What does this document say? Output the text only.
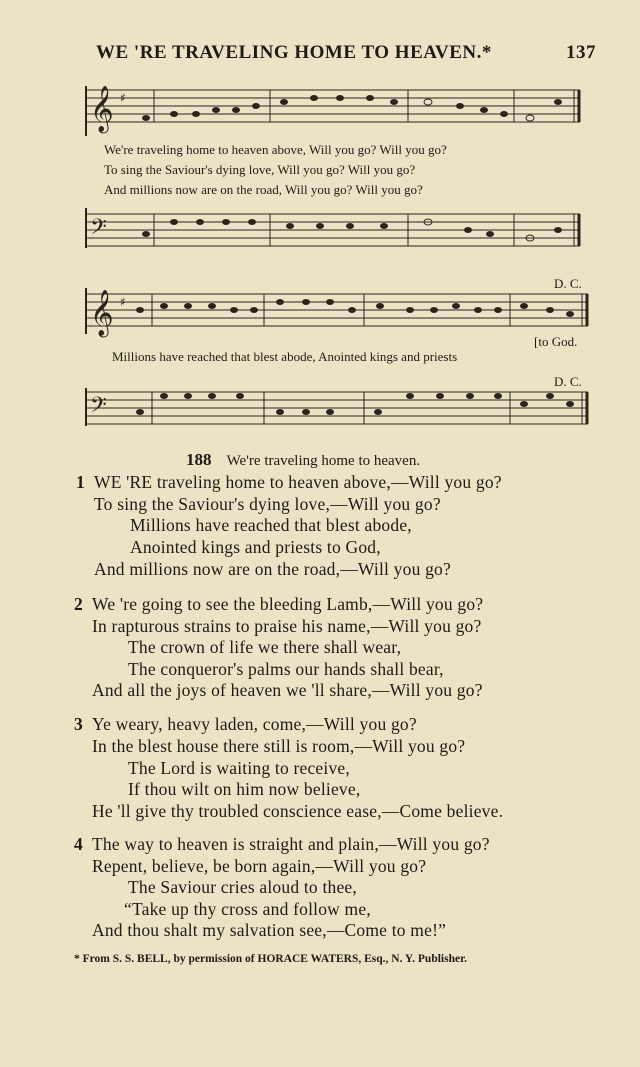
WE 'RE TRAVELING HOME TO HEAVEN.*	137
𝄞 ♯
We're traveling home to heaven above, Will you go? Will you go?
To sing the Saviour's dying love, Will you go? Will you go?
And millions now are on the road, Will you go? Will you go?
𝄢
D. C.
𝄞 ♯
[to God.
Millions have reached that blest abode, Anointed kings and priests
D. C.
𝄢
188 We're traveling home to heaven.
1 WE 'RE traveling home to heaven above,—Will you go?
To sing the Saviour's dying love,—Will you go?
Millions have reached that blest abode,
Anointed kings and priests to God,
And millions now are on the road,—Will you go?
2 We 're going to see the bleeding Lamb,—Will you go?
In rapturous strains to praise his name,—Will you go?
The crown of life we there shall wear,
The conqueror's palms our hands shall bear,
And all the joys of heaven we 'll share,—Will you go?
3 Ye weary, heavy laden, come,—Will you go?
In the blest house there still is room,—Will you go?
The Lord is waiting to receive,
If thou wilt on him now believe,
He 'll give thy troubled conscience ease,—Come believe.
4 The way to heaven is straight and plain,—Will you go?
Repent, believe, be born again,—Will you go?
The Saviour cries aloud to thee,
“Take up thy cross and follow me,
And thou shalt my salvation see,—Come to me!”
* From S. S. BELL, by permission of HORACE WATERS, Esq., N. Y. Publisher.
